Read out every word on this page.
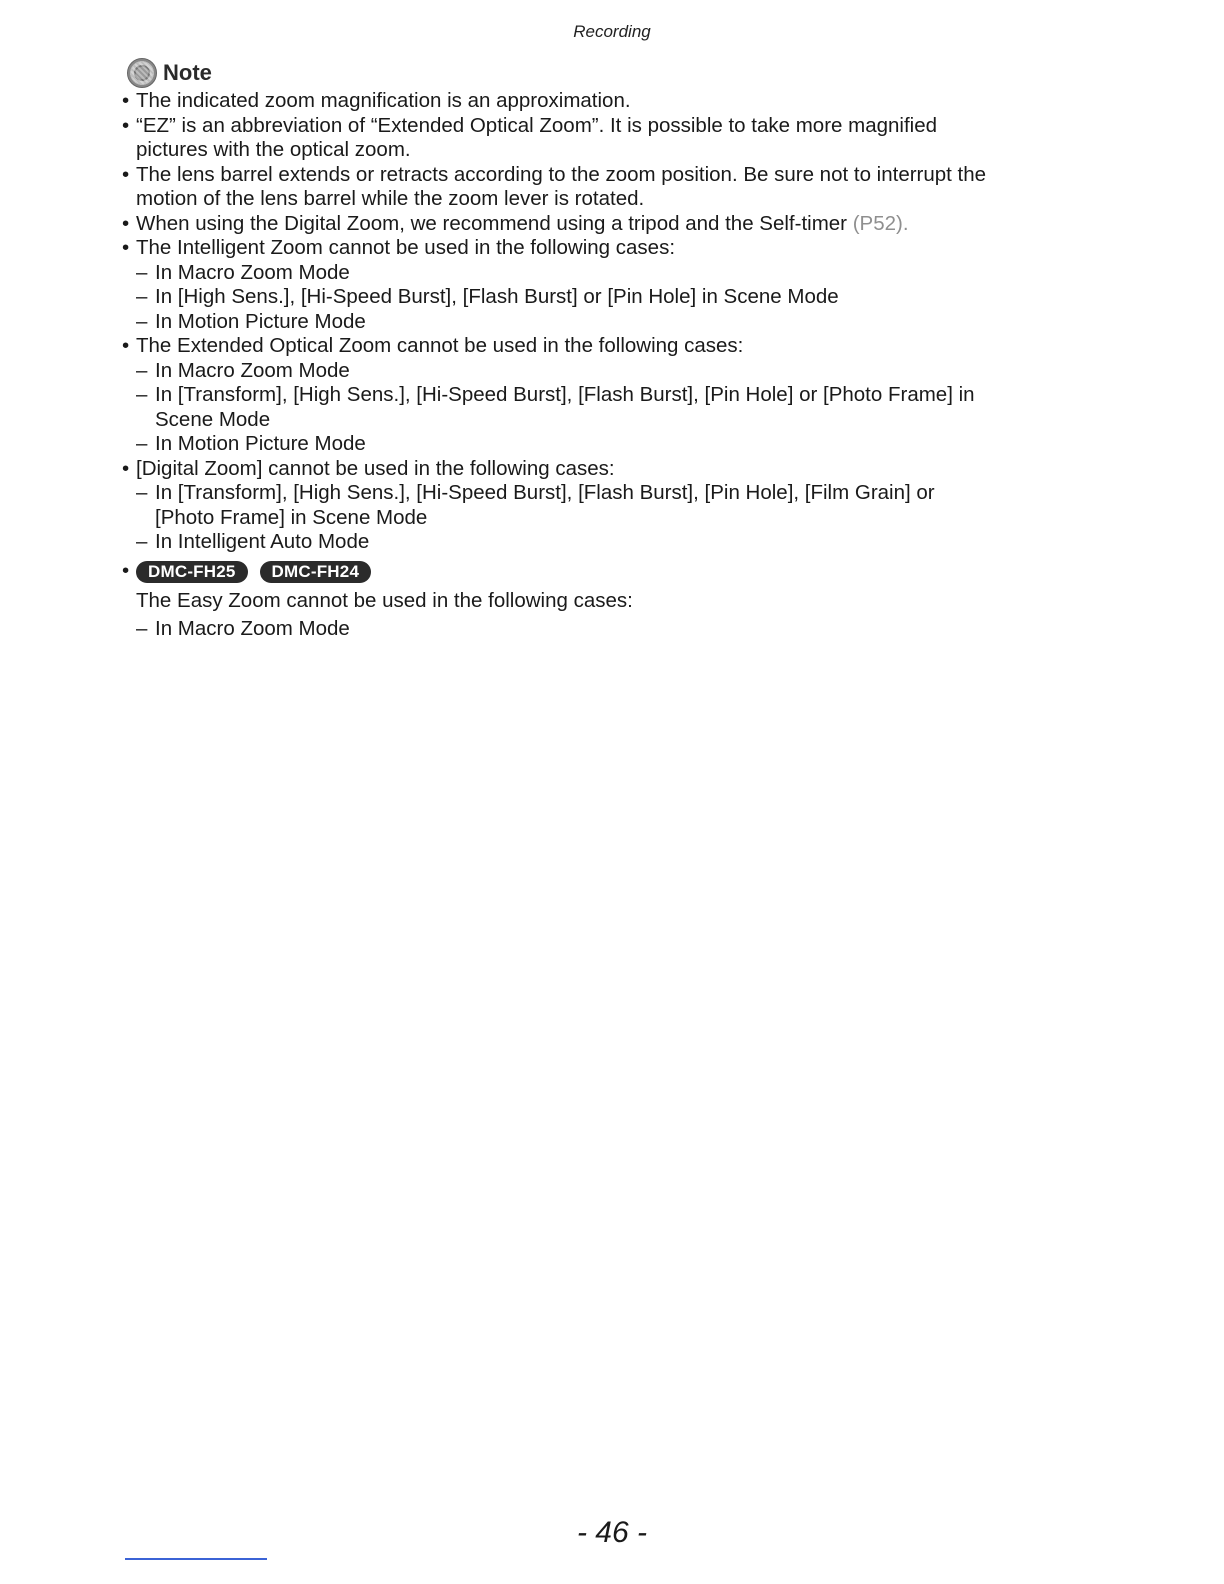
Recording
Note
• The indicated zoom magnification is an approximation.
• “EZ” is an abbreviation of “Extended Optical Zoom”. It is possible to take more magnified
pictures with the optical zoom.
• The lens barrel extends or retracts according to the zoom position. Be sure not to interrupt the
motion of the lens barrel while the zoom lever is rotated.
• When using the Digital Zoom, we recommend using a tripod and the Self-timer (P52).
• The Intelligent Zoom cannot be used in the following cases:
– In Macro Zoom Mode
– In [High Sens.], [Hi-Speed Burst], [Flash Burst] or [Pin Hole] in Scene Mode
– In Motion Picture Mode
• The Extended Optical Zoom cannot be used in the following cases:
– In Macro Zoom Mode
– In [Transform], [High Sens.], [Hi-Speed Burst], [Flash Burst], [Pin Hole] or [Photo Frame] in
Scene Mode
– In Motion Picture Mode
• [Digital Zoom] cannot be used in the following cases:
– In [Transform], [High Sens.], [Hi-Speed Burst], [Flash Burst], [Pin Hole], [Film Grain] or
[Photo Frame] in Scene Mode
– In Intelligent Auto Mode
•	DMC-FH25	DMC-FH24
The Easy Zoom cannot be used in the following cases:
– In Macro Zoom Mode
- 46 -
